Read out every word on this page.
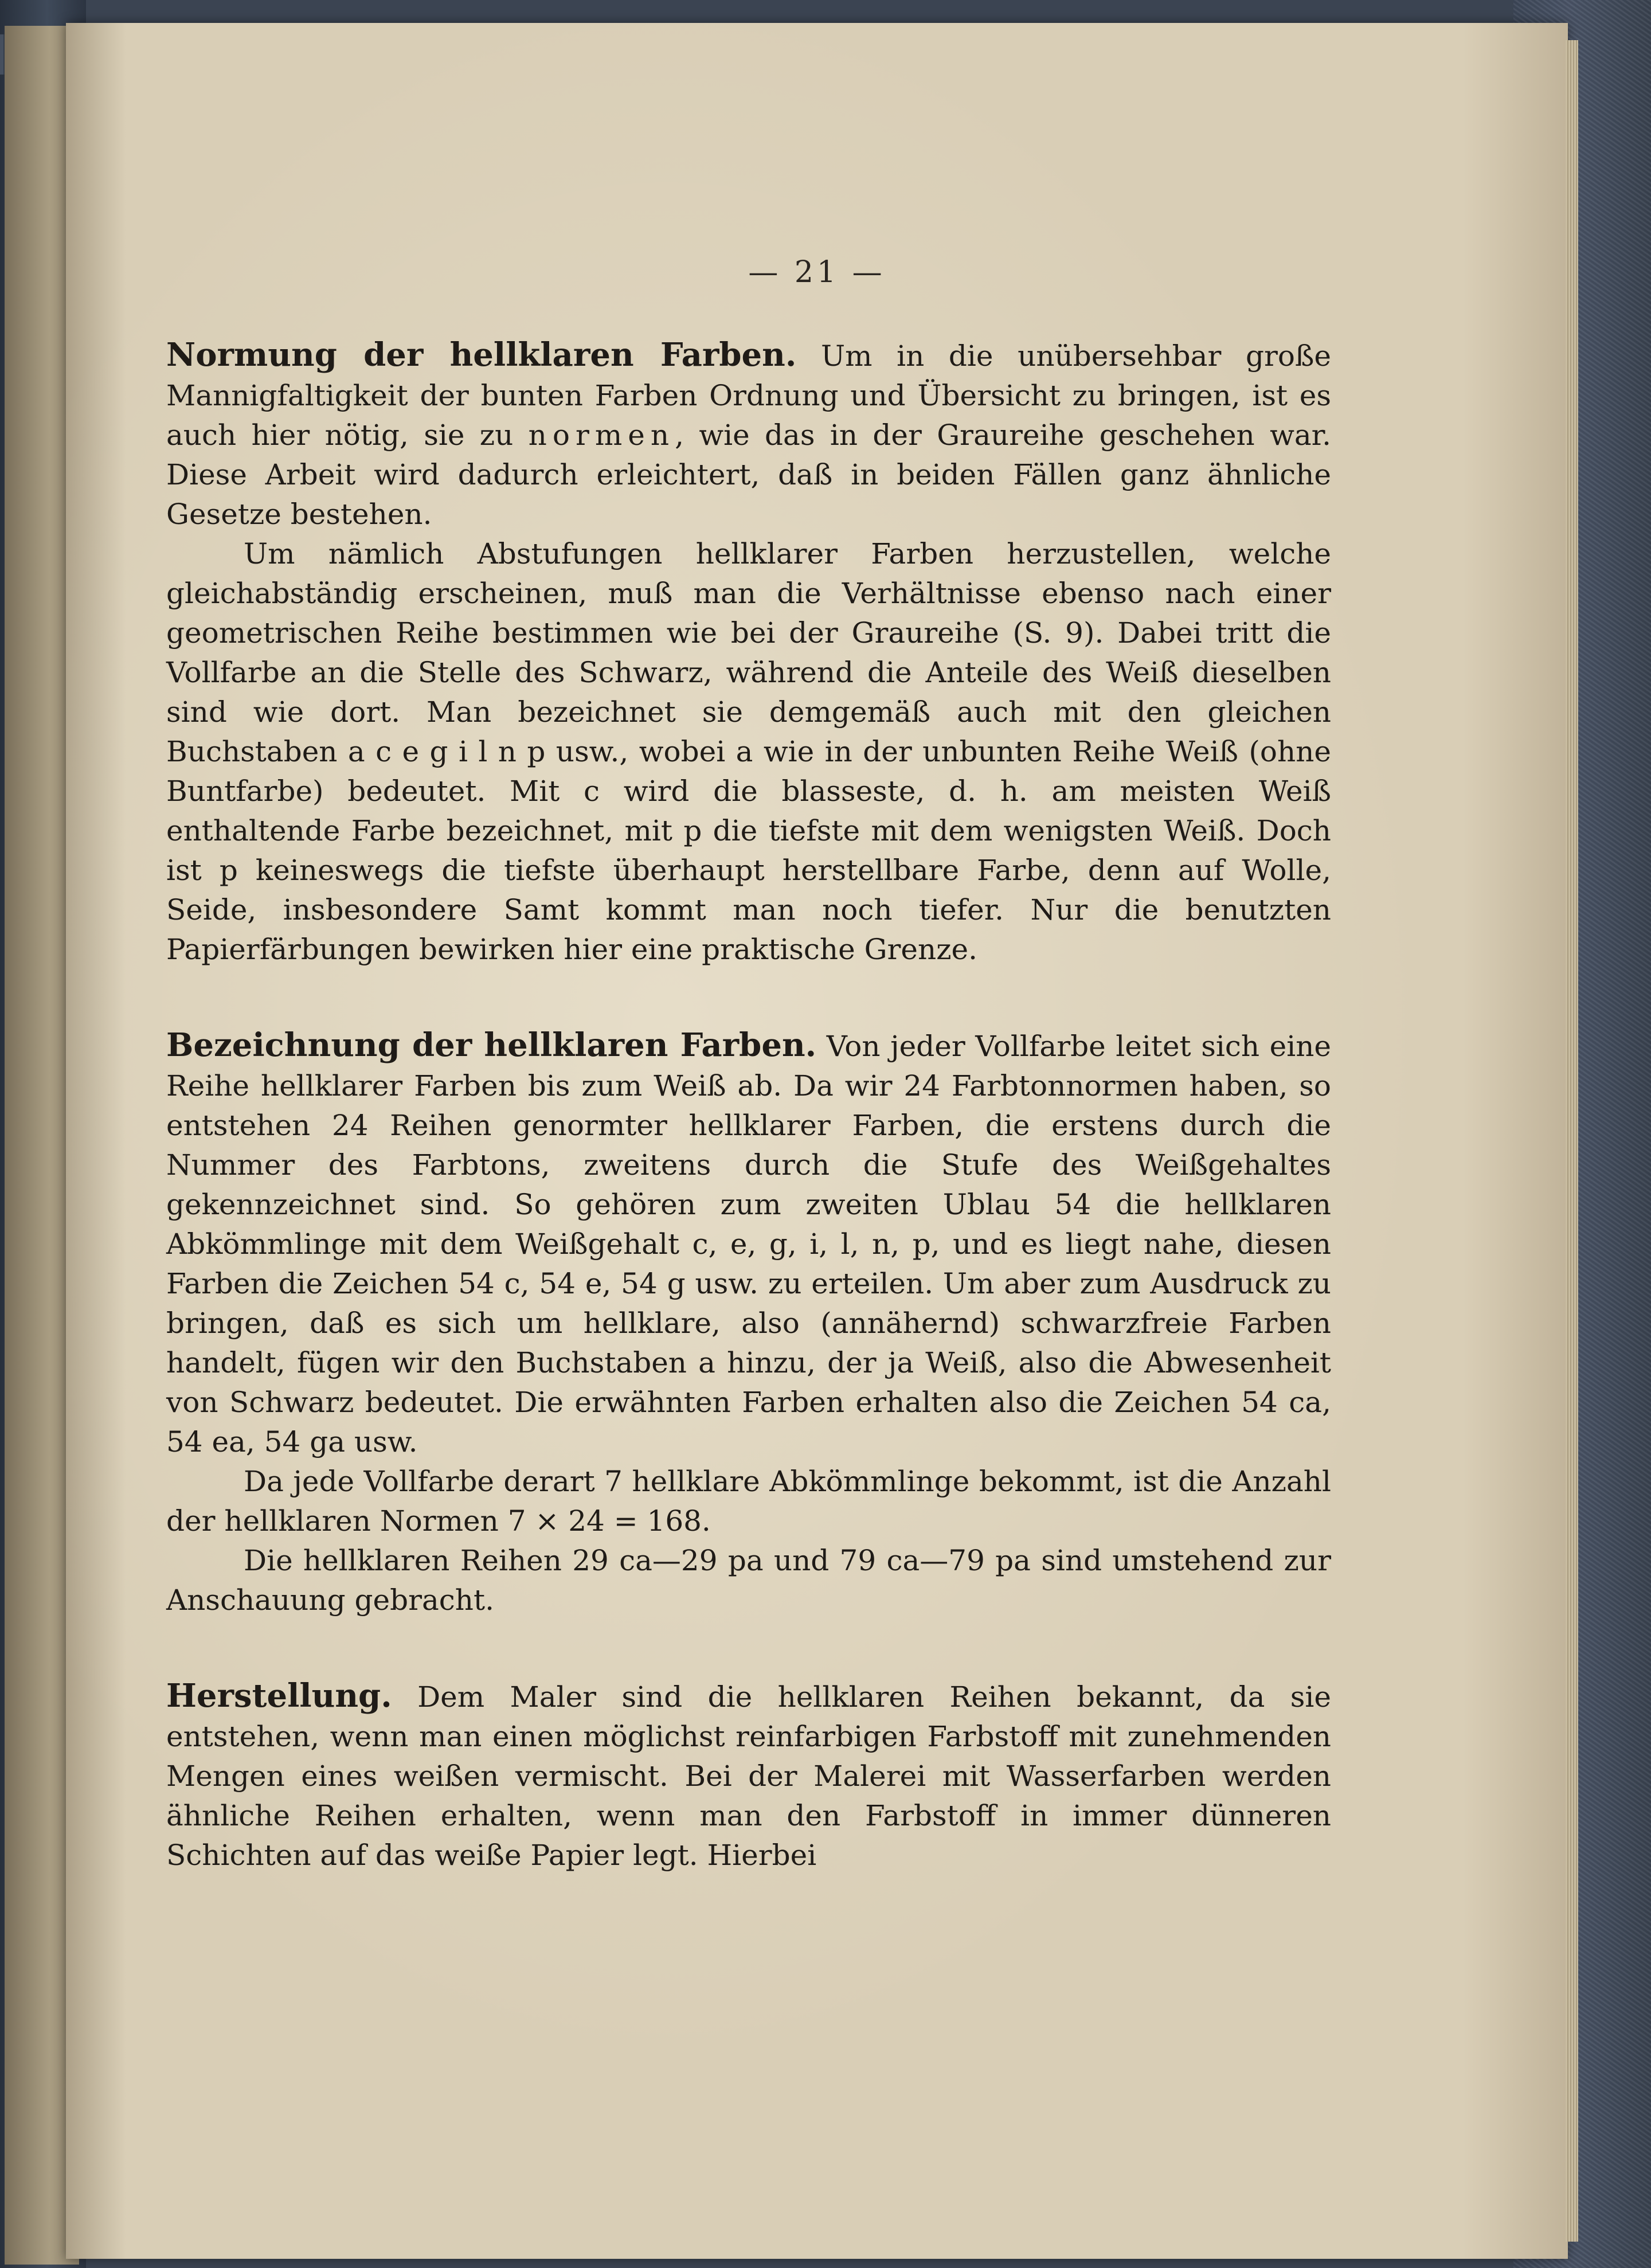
— 21 —

Normung der hellklaren Farben. Um in die unübersehbar große Mannigfaltigkeit der bunten Farben Ordnung und Übersicht zu bringen, ist es auch hier nötig, sie zu normen, wie das in der Graureihe geschehen war. Diese Arbeit wird dadurch erleichtert, daß in beiden Fällen ganz ähnliche Gesetze bestehen.

Um nämlich Abstufungen hellklarer Farben herzustellen, welche gleichabständig erscheinen, muß man die Verhältnisse ebenso nach einer geometrischen Reihe bestimmen wie bei der Graureihe (S. 9). Dabei tritt die Vollfarbe an die Stelle des Schwarz, während die Anteile des Weiß dieselben sind wie dort. Man bezeichnet sie demgemäß auch mit den gleichen Buchstaben a c e g i l n p usw., wobei a wie in der unbunten Reihe Weiß (ohne Buntfarbe) bedeutet. Mit c wird die blasseste, d. h. am meisten Weiß enthaltende Farbe bezeichnet, mit p die tiefste mit dem wenigsten Weiß. Doch ist p keineswegs die tiefste überhaupt herstellbare Farbe, denn auf Wolle, Seide, insbesondere Samt kommt man noch tiefer. Nur die benutzten Papierfärbungen bewirken hier eine praktische Grenze.

Bezeichnung der hellklaren Farben. Von jeder Vollfarbe leitet sich eine Reihe hellklarer Farben bis zum Weiß ab. Da wir 24 Farbtonnormen haben, so entstehen 24 Reihen genormter hellklarer Farben, die erstens durch die Nummer des Farbtons, zweitens durch die Stufe des Weißgehaltes gekennzeichnet sind. So gehören zum zweiten Ublau 54 die hellklaren Abkömmlinge mit dem Weißgehalt c, e, g, i, l, n, p, und es liegt nahe, diesen Farben die Zeichen 54 c, 54 e, 54 g usw. zu erteilen. Um aber zum Ausdruck zu bringen, daß es sich um hellklare, also (annähernd) schwarzfreie Farben handelt, fügen wir den Buchstaben a hinzu, der ja Weiß, also die Abwesenheit von Schwarz bedeutet. Die erwähnten Farben erhalten also die Zeichen 54 ca, 54 ea, 54 ga usw.

Da jede Vollfarbe derart 7 hellklare Abkömmlinge bekommt, ist die Anzahl der hellklaren Normen 7 × 24 = 168.

Die hellklaren Reihen 29 ca—29 pa und 79 ca—79 pa sind umstehend zur Anschauung gebracht.

Herstellung. Dem Maler sind die hellklaren Reihen bekannt, da sie entstehen, wenn man einen möglichst reinfarbigen Farbstoff mit zunehmenden Mengen eines weißen vermischt. Bei der Malerei mit Wasserfarben werden ähnliche Reihen erhalten, wenn man den Farbstoff in immer dünneren Schichten auf das weiße Papier legt. Hierbei
